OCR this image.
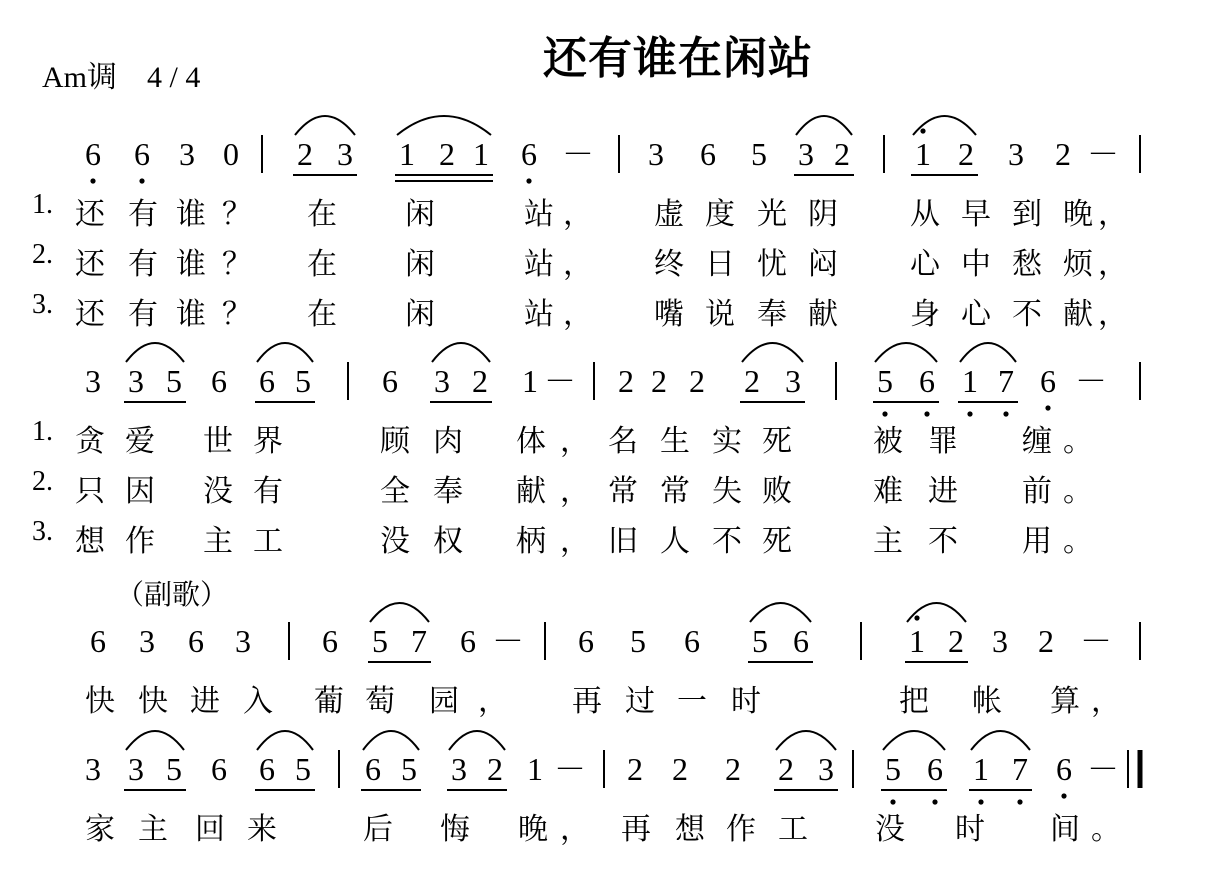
Am调　4 / 4	还有谁在闲站
（副歌）
6 6 3 0 2 3 1 2 1 6 － 3 6 5 3 2 1 2 3 2 －
3 3 5 6 6 5 6 3 2 1 － 2 2 2 2 3 5 6 1 7 6 －
6 3 6 3 6 5 7 6 － 6 5 6 5 6	1 2 3 2 －
3 3 5 6 6 5 6 5 3 2 1 － 2 2 2 2 3 5 6 1 7 6 －
1. 还 有 谁 ？ 在 闲	站 ， 虚 度 光 阴 从 早 到 晚 ，
2. 还 有 谁 ？ 在 闲	站 ， 终 日 忧 闷 心 中 愁 烦 ，
3. 还 有 谁 ？ 在 闲	站 ， 嘴 说 奉 献 身 心 不 献 ，
1. 贪 爱 世 界	顾 肉 体 ， 名 生 实 死	被 罪 缠 。
2. 只 因 没 有	全 奉 献 ， 常 常 失 败	难 进 前 。
3. 想 作 主 工	没 权 柄 ， 旧 人 不 死	主 不 用 。
快 快 进 入 葡 萄 园 ， 再 过 一 时	把 帐 算 ，
家 主 回 来	后 悔 晚 ， 再 想 作 工 没 时 间 。
